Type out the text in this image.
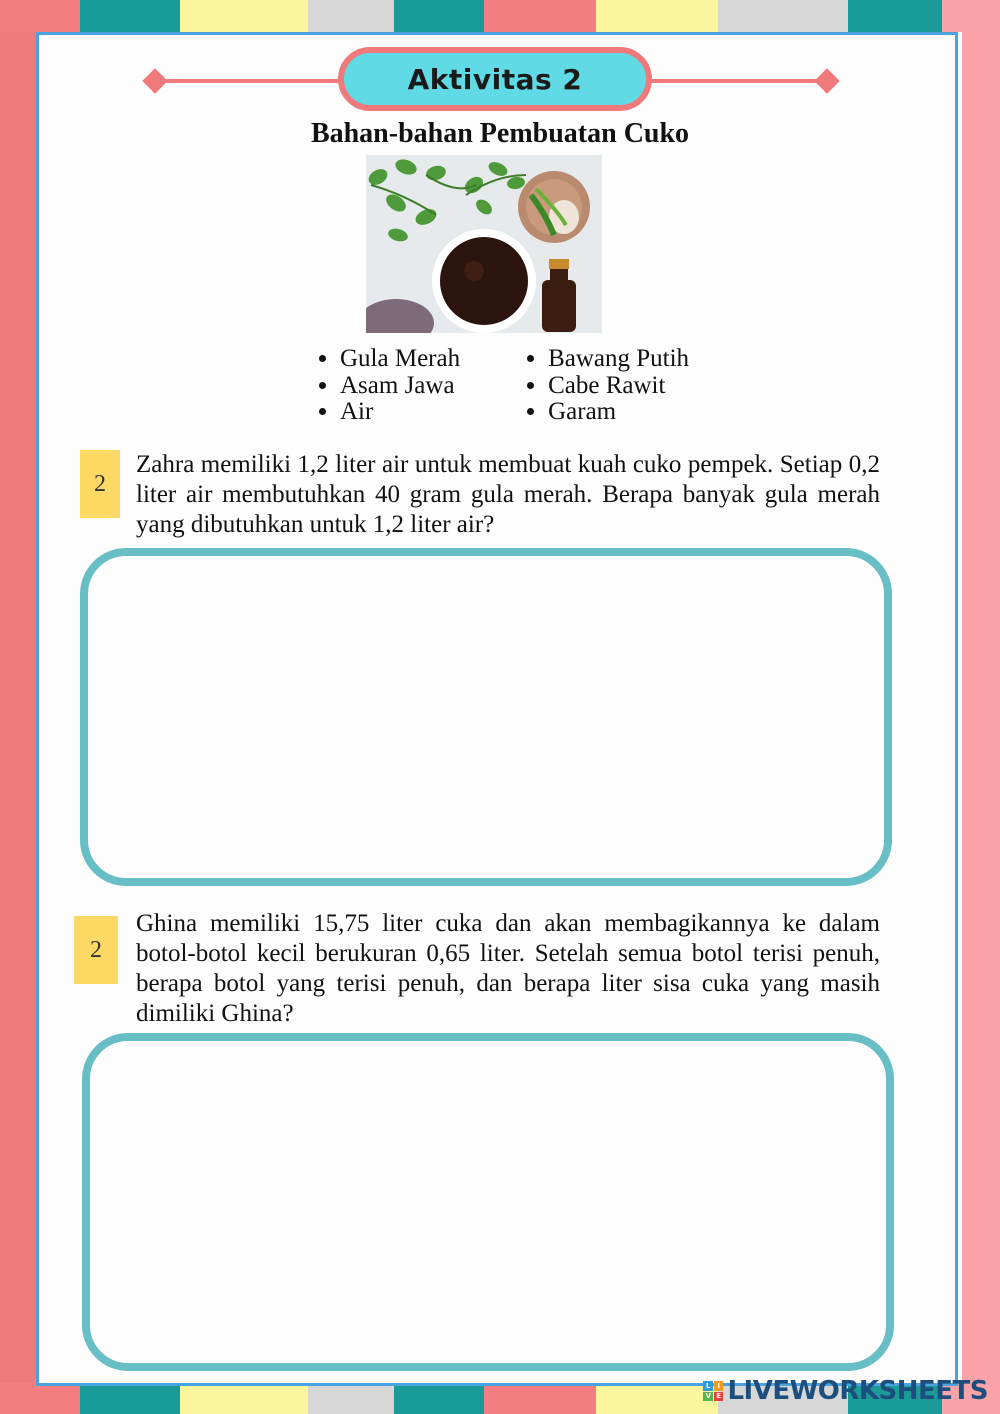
Aktivitas 2
Bahan-bahan Pembuatan Cuko
• Gula Merah
• Asam Jawa
• Air
• Bawang Putih
• Cabe Rawit
• Garam
2
Zahra memiliki 1,2 liter air untuk membuat kuah cuko pempek. Setiap 0,2 liter air membutuhkan 40 gram gula merah. Berapa banyak gula merah yang dibutuhkan untuk 1,2 liter air?
2
Ghina memiliki 15,75 liter cuka dan akan membagikannya ke dalam botol-botol kecil berukuran 0,65 liter. Setelah semua botol terisi penuh, berapa botol yang terisi penuh, dan berapa liter sisa cuka yang masih dimiliki Ghina?
L I
V E LIVEWORKSHEETS
